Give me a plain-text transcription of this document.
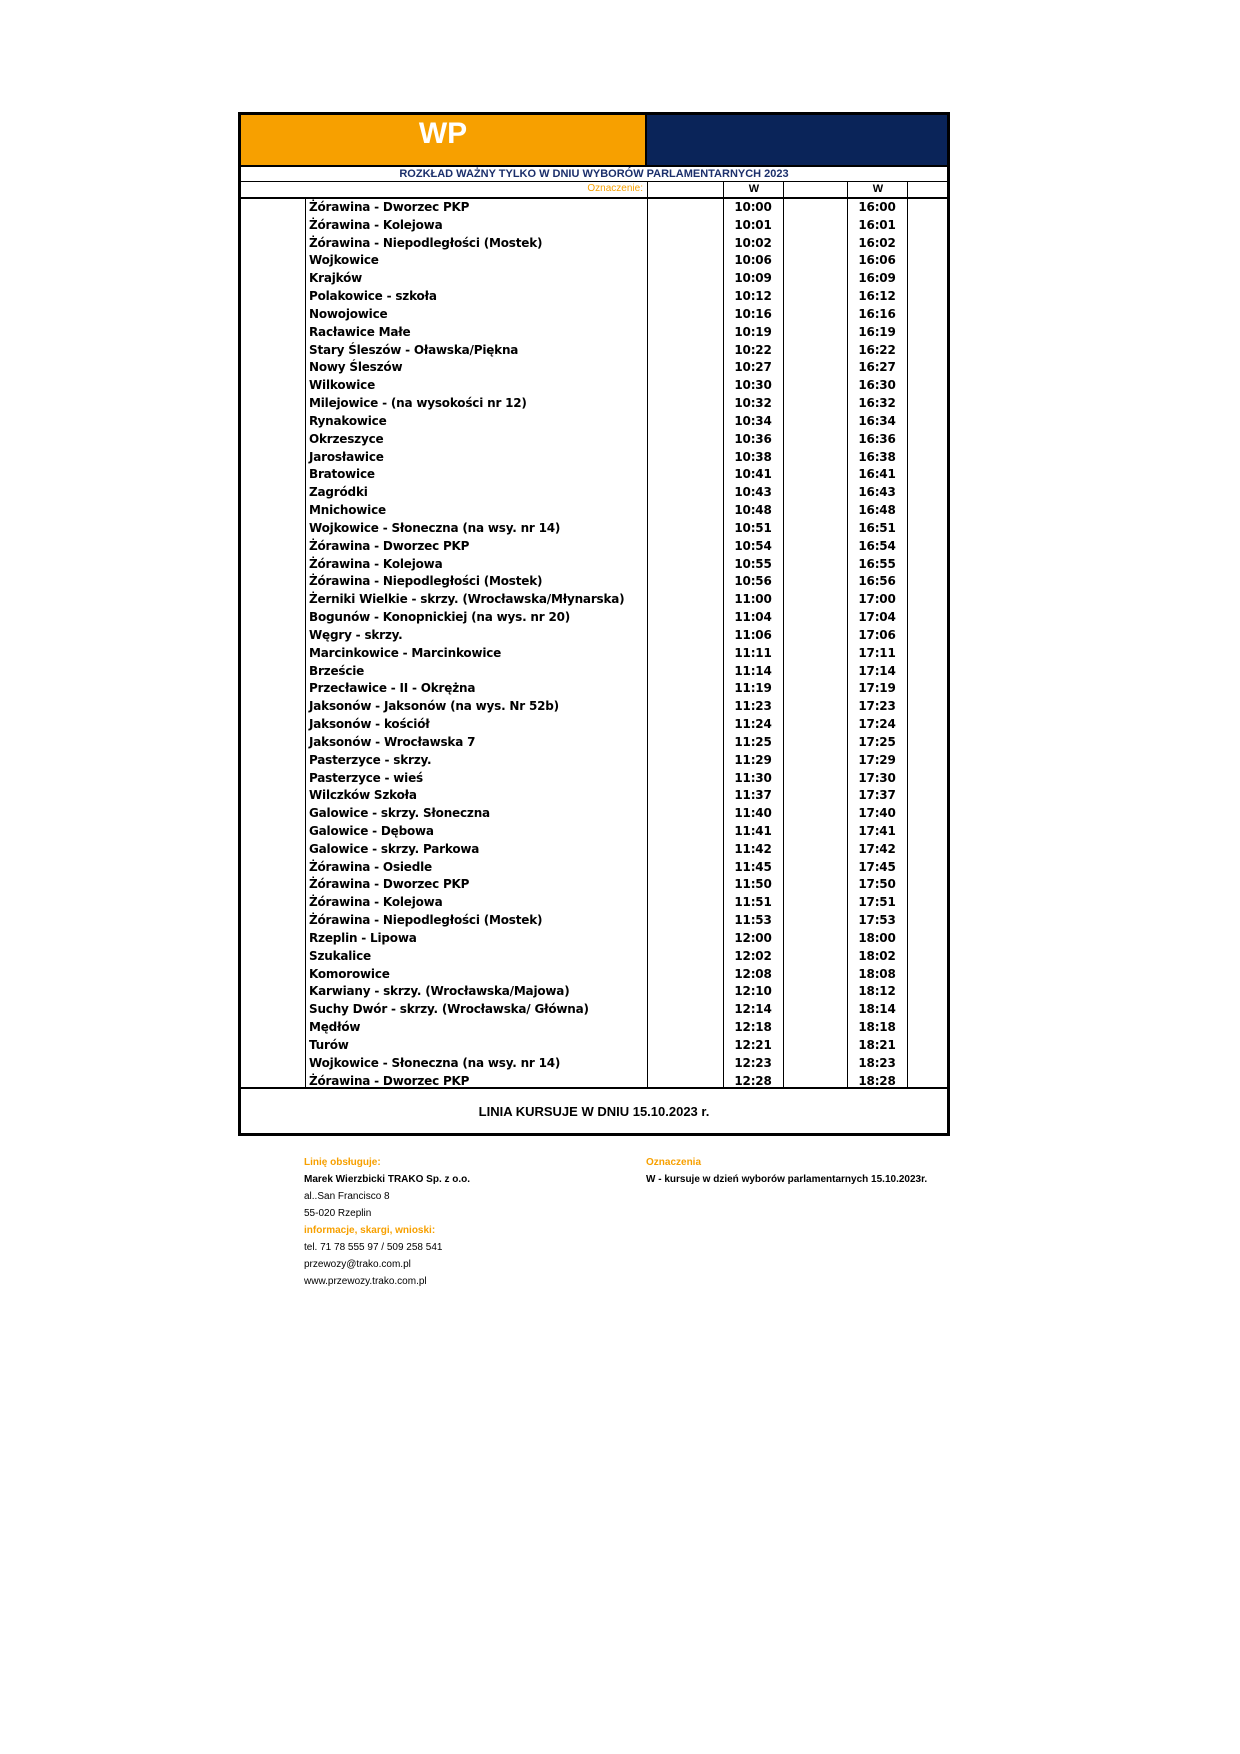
WP
ROZKŁAD WAŻNY TYLKO W DNIU WYBORÓW PARLAMENTARNYCH 2023
Oznaczenie:	W	W
Żórawina - Dworzec PKP	10:00	16:00
Żórawina - Kolejowa	10:01	16:01
Żórawina - Niepodległości (Mostek)	10:02	16:02
Wojkowice	10:06	16:06
Krajków	10:09	16:09
Polakowice - szkoła	10:12	16:12
Nowojowice	10:16	16:16
Racławice Małe	10:19	16:19
Stary Śleszów - Oławska/Piękna	10:22	16:22
Nowy Śleszów	10:27	16:27
Wilkowice	10:30	16:30
Milejowice - (na wysokości nr 12)	10:32	16:32
Rynakowice	10:34	16:34
Okrzeszyce	10:36	16:36
Jarosławice	10:38	16:38
Bratowice	10:41	16:41
Zagródki	10:43	16:43
Mnichowice	10:48	16:48
Wojkowice - Słoneczna (na wsy. nr 14)	10:51	16:51
Żórawina - Dworzec PKP	10:54	16:54
Żórawina - Kolejowa	10:55	16:55
Żórawina - Niepodległości (Mostek)	10:56	16:56
Żerniki Wielkie - skrzy. (Wrocławska/Młynarska)	11:00	17:00
Bogunów - Konopnickiej (na wys. nr 20)	11:04	17:04
Węgry - skrzy.	11:06	17:06
Marcinkowice - Marcinkowice	11:11	17:11
Brzeście	11:14	17:14
Przecławice - II - Okrężna	11:19	17:19
Jaksonów - Jaksonów (na wys. Nr 52b)	11:23	17:23
Jaksonów - kościół	11:24	17:24
Jaksonów - Wrocławska 7	11:25	17:25
Pasterzyce - skrzy.	11:29	17:29
Pasterzyce - wieś	11:30	17:30
Wilczków Szkoła	11:37	17:37
Galowice - skrzy. Słoneczna	11:40	17:40
Galowice - Dębowa	11:41	17:41
Galowice - skrzy. Parkowa	11:42	17:42
Żórawina - Osiedle	11:45	17:45
Żórawina - Dworzec PKP	11:50	17:50
Żórawina - Kolejowa	11:51	17:51
Żórawina - Niepodległości (Mostek)	11:53	17:53
Rzeplin - Lipowa	12:00	18:00
Szukalice	12:02	18:02
Komorowice	12:08	18:08
Karwiany - skrzy. (Wrocławska/Majowa)	12:10	18:12
Suchy Dwór - skrzy. (Wrocławska/ Główna)	12:14	18:14
Mędłów	12:18	18:18
Turów	12:21	18:21
Wojkowice - Słoneczna (na wsy. nr 14)	12:23	18:23
Żórawina - Dworzec PKP	12:28	18:28
LINIA KURSUJE W DNIU 15.10.2023 r.
Linię obsługuje:
Marek Wierzbicki TRAKO Sp. z o.o.
al..San Francisco 8
55-020 Rzeplin
informacje, skargi, wnioski:
tel. 71 78 555 97 / 509 258 541
przewozy@trako.com.pl
www.przewozy.trako.com.pl
Oznaczenia
W - kursuje w dzień wyborów parlamentarnych 15.10.2023r.
